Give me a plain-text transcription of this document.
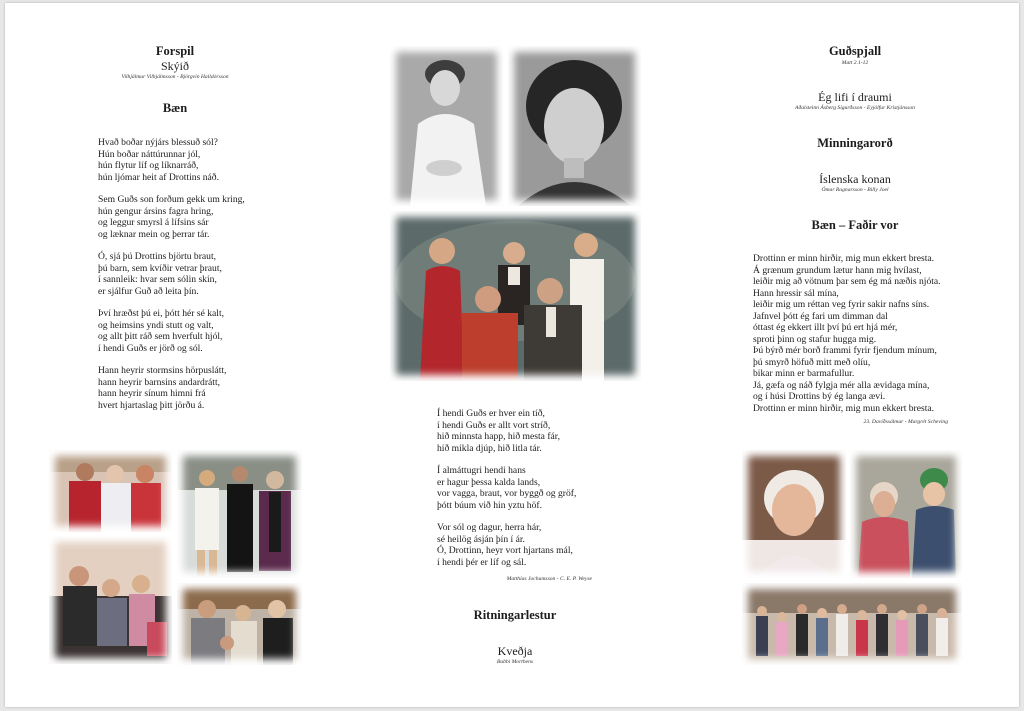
Forspil
Skýið
Vilhjálmur Vilhjálmsson - Björgvin Halldórsson
Bæn
Hvað boðar nýjárs blessuð sól?
Hún boðar náttúrunnar jól,
hún flytur líf og líknarráð,
hún ljómar heit af Drottins náð.
Sem Guðs son forðum gekk um kring,
hún gengur ársins fagra hring,
og leggur smyrsl á lífsins sár
og læknar mein og þerrar tár.
Ó, sjá þú Drottins björtu braut,
þú barn, sem kvíðir vetrar þraut,
í sannleik: hvar sem sólin skín,
er sjálfur Guð að leita þín.
Því hræðst þú ei, þótt hér sé kalt,
og heimsins yndi stutt og valt,
og allt þitt ráð sem hverfult hjól,
í hendi Guðs er jörð og sól.
Hann heyrir stormsins hörpuslátt,
hann heyrir barnsins andardrátt,
hann heyrir sínum himni frá
hvert hjartaslag þitt jörðu á.
Í hendi Guðs er hver ein tíð,
í hendi Guðs er allt vort stríð,
hið minnsta happ, hið mesta fár,
hið mikla djúp, hið litla tár.
Í almáttugri hendi hans
er hagur þessa kalda lands,
vor vagga, braut, vor byggð og gröf,
þótt búum við hin yztu höf.
Vor sól og dagur, herra hár,
sé heilög ásján þín í ár.
Ó, Drottinn, heyr vort hjartans mál,
í hendi þér er líf og sál.
Matthías Jochumsson - C. E. P. Weyse
Ritningarlestur
Kveðja
Bubbi Morthens
Guðspjall
Matt 2.1-12
Ég lifi í draumi
Aðalsteinn Ásberg Sigurðsson - Eyjólfur Kristjánsson
Minningarorð
Íslenska konan
Ómar Ragnarsson - Billy Joel
Bæn – Faðir vor
Drottinn er minn hirðir, mig mun ekkert bresta.
Á grænum grundum lætur hann mig hvílast,
leiðir mig að vötnum þar sem ég má næðis njóta.
Hann hressir sál mína,
leiðir mig um réttan veg fyrir sakir nafns síns.
Jafnvel þótt ég fari um dimman dal
óttast ég ekkert illt því þú ert hjá mér,
sproti þinn og stafur hugga mig.
Þú býrð mér borð frammi fyrir fjendum mínum,
þú smyrð höfuð mitt með olíu,
bikar minn er barmafullur.
Já, gæfa og náð fylgja mér alla ævidaga mína,
og í húsi Drottins bý ég langa ævi.
Drottinn er minn hirðir, mig mun ekkert bresta.
23. Davíðssálmur - Margrét Scheving
